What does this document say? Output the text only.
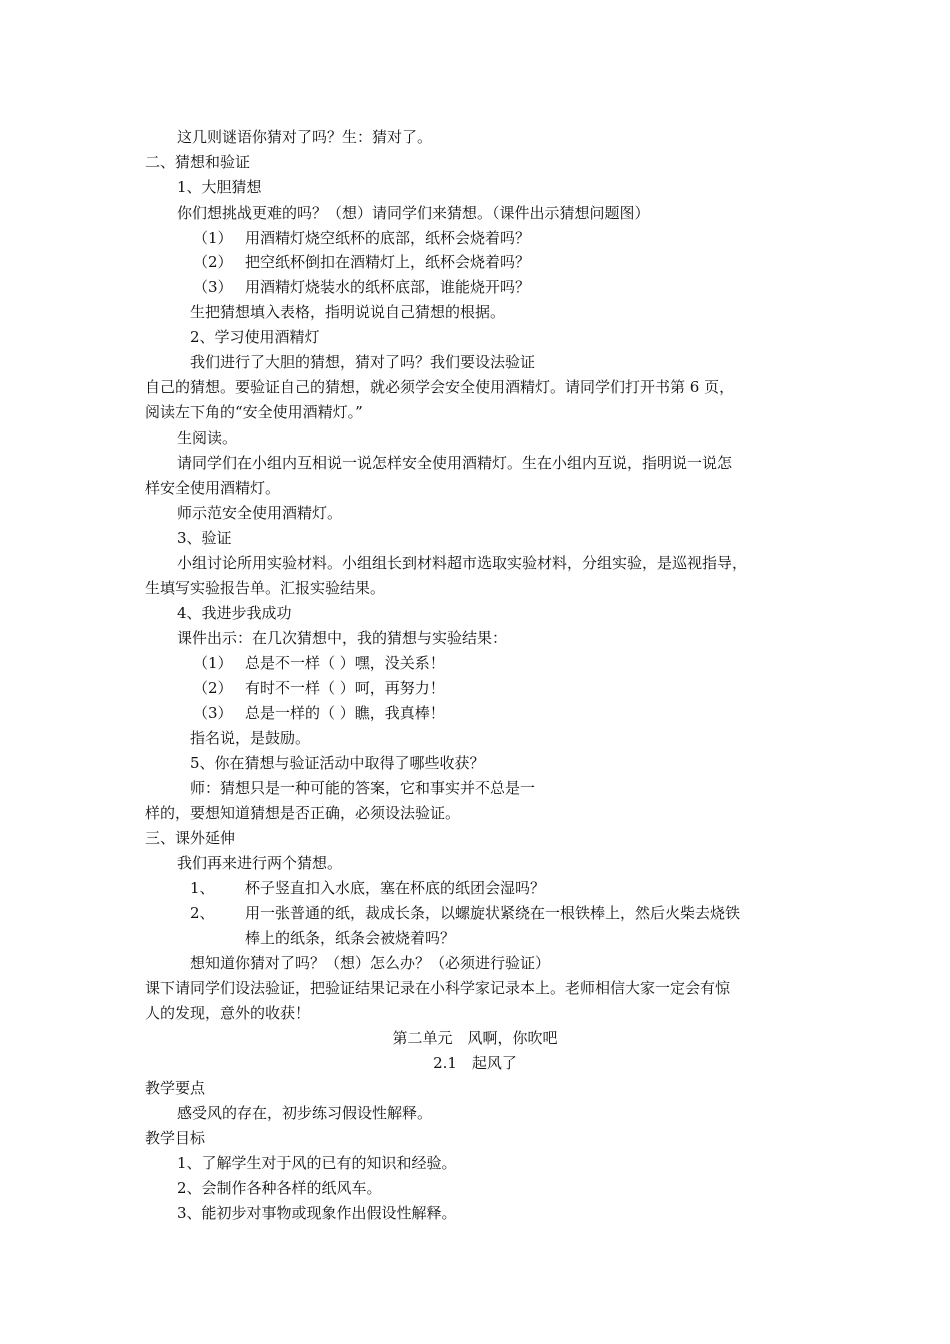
这几则谜语你猜对了吗？生：猜对了。
二、猜想和验证
1、大胆猜想
你们想挑战更难的吗？（想）请同学们来猜想。（课件出示猜想问题图）
（1） 用酒精灯烧空纸杯的底部，纸杯会烧着吗？
（2） 把空纸杯倒扣在酒精灯上，纸杯会烧着吗？
（3） 用酒精灯烧装水的纸杯底部，谁能烧开吗？
生把猜想填入表格，指明说说自己猜想的根据。
2、学习使用酒精灯
我们进行了大胆的猜想，猜对了吗？我们要设法验证
自己的猜想。要验证自己的猜想，就必须学会安全使用酒精灯。请同学们打开书第 6 页，
阅读左下角的“安全使用酒精灯。”
生阅读。
请同学们在小组内互相说一说怎样安全使用酒精灯。生在小组内互说，指明说一说怎
样安全使用酒精灯。
师示范安全使用酒精灯。
3、验证
小组讨论所用实验材料。小组组长到材料超市选取实验材料，分组实验，是巡视指导，
生填写实验报告单。汇报实验结果。
4、我进步我成功
课件出示：在几次猜想中，我的猜想与实验结果：
（1） 总是不一样（ ）嘿，没关系！
（2） 有时不一样（ ）呵，再努力！
（3） 总是一样的（ ）瞧，我真棒！
指名说，是鼓励。
5、你在猜想与验证活动中取得了哪些收获？
师：猜想只是一种可能的答案，它和事实并不总是一
样的，要想知道猜想是否正确，必须设法验证。
三、课外延伸
我们再来进行两个猜想。
1、 杯子竖直扣入水底，塞在杯底的纸团会湿吗？
2、 用一张普通的纸，裁成长条，以螺旋状紧绕在一根铁棒上，然后火柴去烧铁
棒上的纸条，纸条会被烧着吗？
想知道你猜对了吗？（想）怎么办？（必须进行验证）
课下请同学们设法验证，把验证结果记录在小科学家记录本上。老师相信大家一定会有惊
人的发现，意外的收获！
第二单元　风啊，你吹吧
2.1　起风了
教学要点
感受风的存在，初步练习假设性解释。
教学目标
1、了解学生对于风的已有的知识和经验。
2、会制作各种各样的纸风车。
3、能初步对事物或现象作出假设性解释。
